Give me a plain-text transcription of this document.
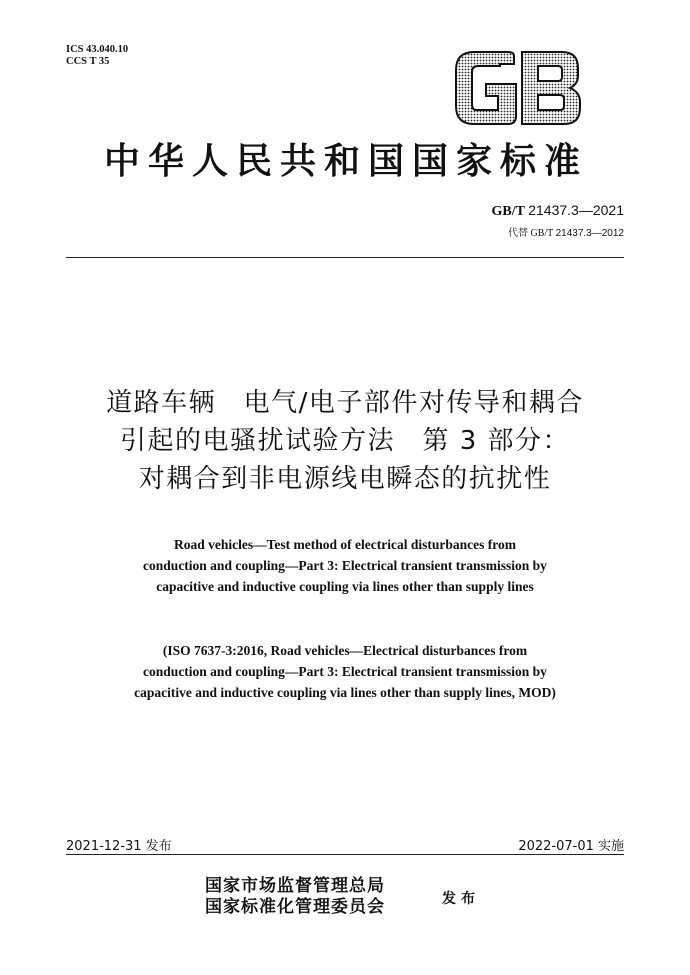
ICS 43.040.10
CCS T 35
中华人民共和国国家标准
GB/T 21437.3—2021
代替 GB/T 21437.3—2012
道路车辆　电气/电子部件对传导和耦合
引起的电骚扰试验方法　第 3 部分：
对耦合到非电源线电瞬态的抗扰性
Road vehicles—Test method of electrical disturbances from
conduction and coupling—Part 3: Electrical transient transmission by
capacitive and inductive coupling via lines other than supply lines
(ISO 7637-3:2016, Road vehicles—Electrical disturbances from
conduction and coupling—Part 3: Electrical transient transmission by
capacitive and inductive coupling via lines other than supply lines, MOD)
2021-12-31 发布	2022-07-01 实施
国家市场监督管理总局
国家标准化管理委员会	发布
